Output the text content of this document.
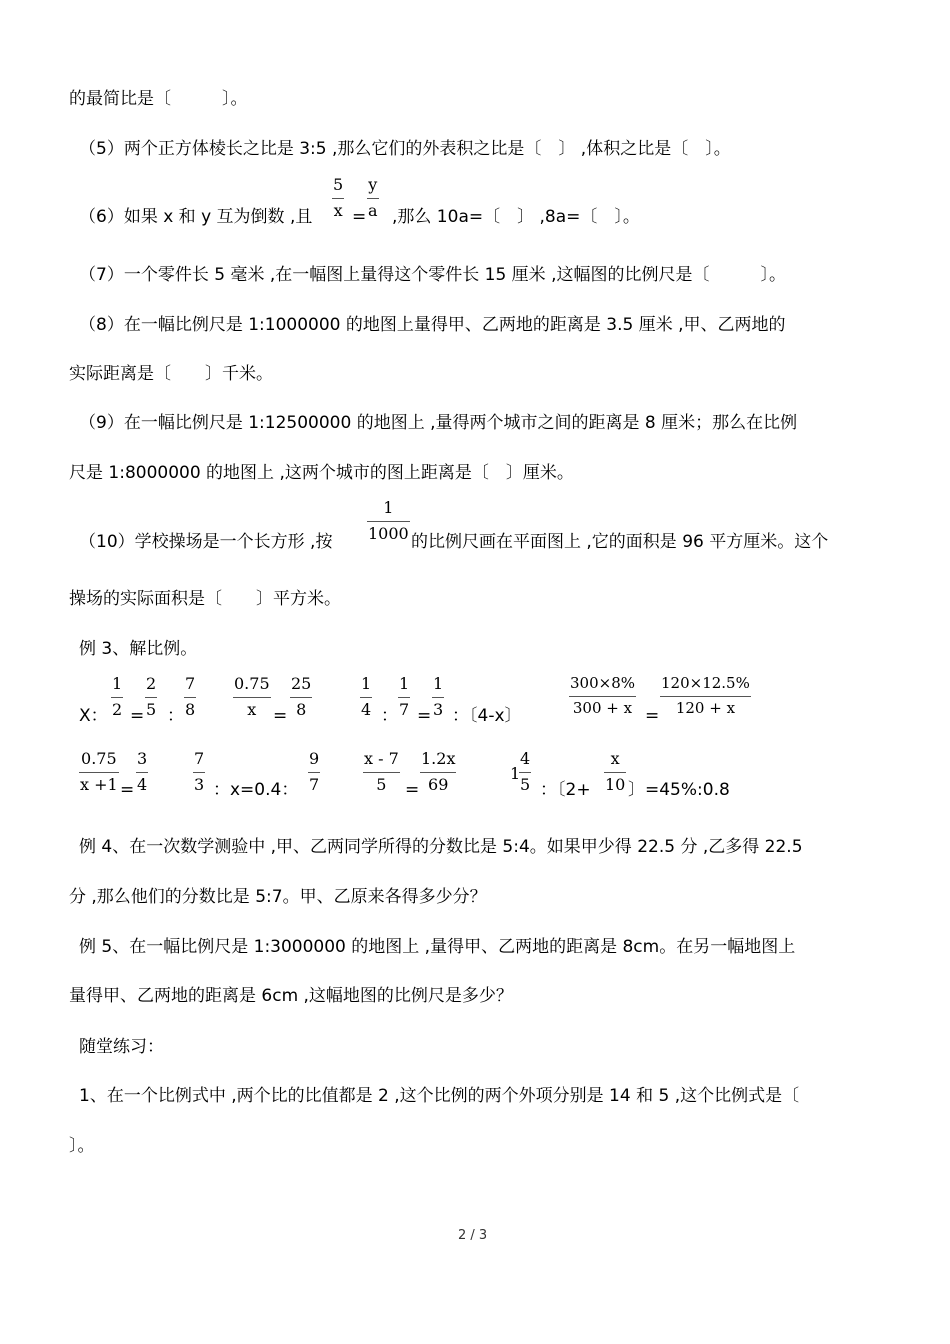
的最简比是〔　　　〕。
（5）两个正方体棱长之比是 3:5 ,那么它们的外表积之比是〔　〕 ,体积之比是〔　〕。
（6）如果 x 和 y 互为倒数 ,且
5
x =
y
a ,那么 10a=〔　〕 ,8a=〔　〕。
（7）一个零件长 5 毫米 ,在一幅图上量得这个零件长 15 厘米 ,这幅图的比例尺是〔　　　〕。
（8）在一幅比例尺是 1:1000000 的地图上量得甲、乙两地的距离是 3.5 厘米 ,甲、乙两地的
实际距离是〔　　〕千米。
（9）在一幅比例尺是 1:12500000 的地图上 ,量得两个城市之间的距离是 8 厘米；那么在比例
尺是 1:8000000 的地图上 ,这两个城市的图上距离是〔　〕厘米。
（10）学校操场是一个长方形 ,按
1
1000 的比例尺画在平面图上 ,它的面积是 96 平方厘米。这个
操场的实际面积是〔　　〕平方米。
例 3、解比例。
X：
1
2 =
2
5 ：
7
8
0.75
x =
25
8
1
4 ：
1
7 =
1
3 ：〔4-x〕
300×8%
300 + x =
120×12.5%
120 + x
0.75
x +1 =
3
4
7
3 ：x=0.4：
9
7
x - 7
5	=
1.2x
69
1
4
5 ：〔2+
x
10 〕=45%:0.8
例 4、在一次数学测验中 ,甲、乙两同学所得的分数比是 5:4。如果甲少得 22.5 分 ,乙多得 22.5
分 ,那么他们的分数比是 5:7。甲、乙原来各得多少分？
例 5、在一幅比例尺是 1:3000000 的地图上 ,量得甲、乙两地的距离是 8cm。在另一幅地图上
量得甲、乙两地的距离是 6cm ,这幅地图的比例尺是多少？
随堂练习：
1、在一个比例式中 ,两个比的比值都是 2 ,这个比例的两个外项分别是 14 和 5 ,这个比例式是〔
〕。
2 / 3
